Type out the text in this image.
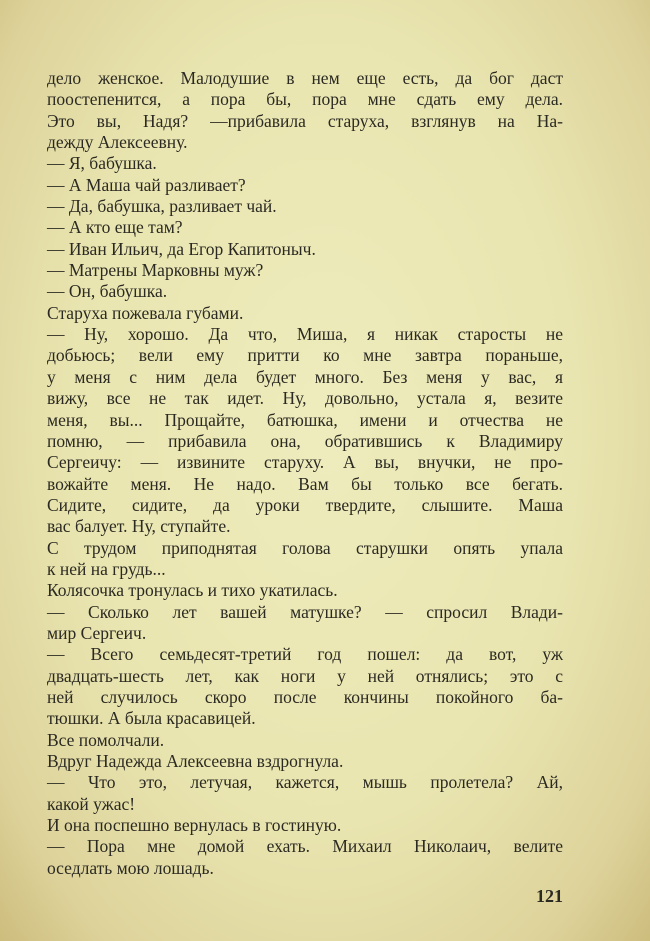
дело женское. Малодушие в нем еще есть, да бог даст
поостепенится, а пора бы, пора мне сдать ему дела.
Это вы, Надя? —прибавила старуха, взглянув на На-
дежду Алексеевну.
— Я, бабушка.
— А Маша чай разливает?
— Да, бабушка, разливает чай.
— А кто еще там?
— Иван Ильич, да Егор Капитоныч.
— Матрены Марковны муж?
— Он, бабушка.
Старуха пожевала губами.
— Ну, хорошо. Да что, Миша, я никак старосты не
добьюсь; вели ему притти ко мне завтра пораньше,
у меня с ним дела будет много. Без меня у вас, я
вижу, все не так идет. Ну, довольно, устала я, везите
меня, вы... Прощайте, батюшка, имени и отчества не
помню, — прибавила она, обратившись к Владимиру
Сергеичу: — извините старуху. А вы, внучки, не про-
вожайте меня. Не надо. Вам бы только все бегать.
Сидите, сидите, да уроки твердите, слышите. Маша
вас балует. Ну, ступайте.
С трудом приподнятая голова старушки опять упала
к ней на грудь...
Колясочка тронулась и тихо укатилась.
— Сколько лет вашей матушке? — спросил Влади-
мир Сергеич.
— Всего семьдесят-третий год пошел: да вот, уж
двадцать-шесть лет, как ноги у ней отнялись; это с
ней случилось скоро после кончины покойного ба-
тюшки. А была красавицей.
Все помолчали.
Вдруг Надежда Алексеевна вздрогнула.
— Что это, летучая, кажется, мышь пролетела? Ай,
какой ужас!
И она поспешно вернулась в гостиную.
— Пора мне домой ехать. Михаил Николаич, велите
оседлать мою лошадь.
121
